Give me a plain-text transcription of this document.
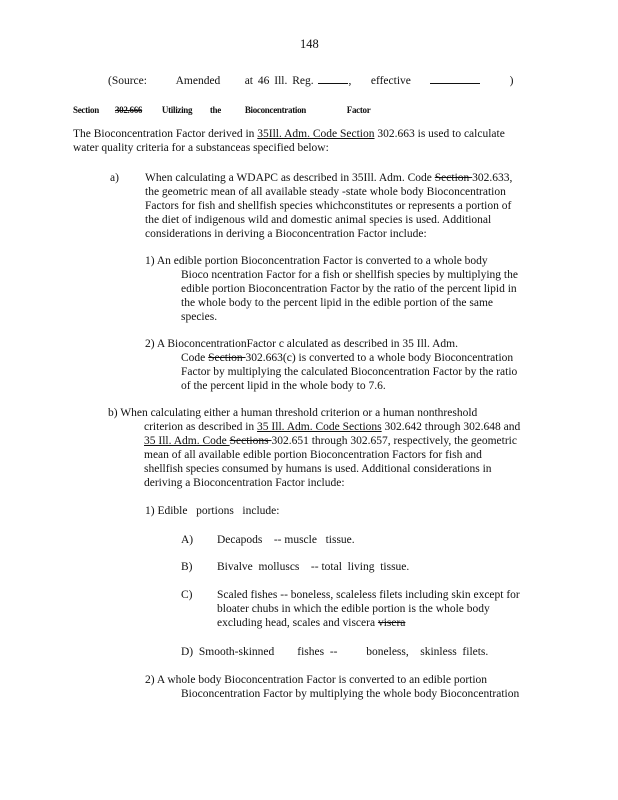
148
(Source: Amended at 46 Ill. Reg.	, effective	)
Section 302.666 Utilizing the	Bioconcentration	Factor

The Bioconcentration Factor derived in 35Ill. Adm. Code Section 302.663 is used to calculate
water quality criteria for a substanceas specified below:

a) When calculating a WDAPC as described in 35Ill. Adm. Code Section 302.633,
the geometric mean of all available steady -state whole body Bioconcentration
Factors for fish and shellfish species whichconstitutes or represents a portion of
the diet of indigenous wild and domestic animal species is used. Additional
considerations in deriving a Bioconcentration Factor include:

1) An edible portion Bioconcentration Factor is converted to a whole body
Bioco ncentration Factor for a fish or shellfish species by multiplying the
edible portion Bioconcentration Factor by the ratio of the percent lipid in
the whole body to the percent lipid in the edible portion of the same
species.

2) A BioconcentrationFactor c alculated as described in 35 Ill. Adm.
Code Section 302.663(c) is converted to a whole body Bioconcentration
Factor by multiplying the calculated Bioconcentration Factor by the ratio
of the percent lipid in the whole body to 7.6.

b) When calculating either a human threshold criterion or a human nonthreshold
criterion as described in 35 Ill. Adm. Code Sections 302.642 through 302.648 and
35 Ill. Adm. Code Sections 302.651 through 302.657, respectively, the geometric
mean of all available edible portion Bioconcentration Factors for fish and
shellfish species consumed by humans is used. Additional considerations in
deriving a Bioconcentration Factor include:

1) Edible   portions   include:
A) Decapods    -- muscle   tissue.
B) Bivalve  molluscs    -- total  living  tissue.
C) Scaled fishes -- boneless, scaleless filets including skin except for
bloater chubs in which the edible portion is the whole body
excluding head, scales and viscera visera

D)  Smooth-skinned        fishes  --          boneless,    skinless  filets.

2) A whole body Bioconcentration Factor is converted to an edible portion
Bioconcentration Factor by multiplying the whole body Bioconcentration
